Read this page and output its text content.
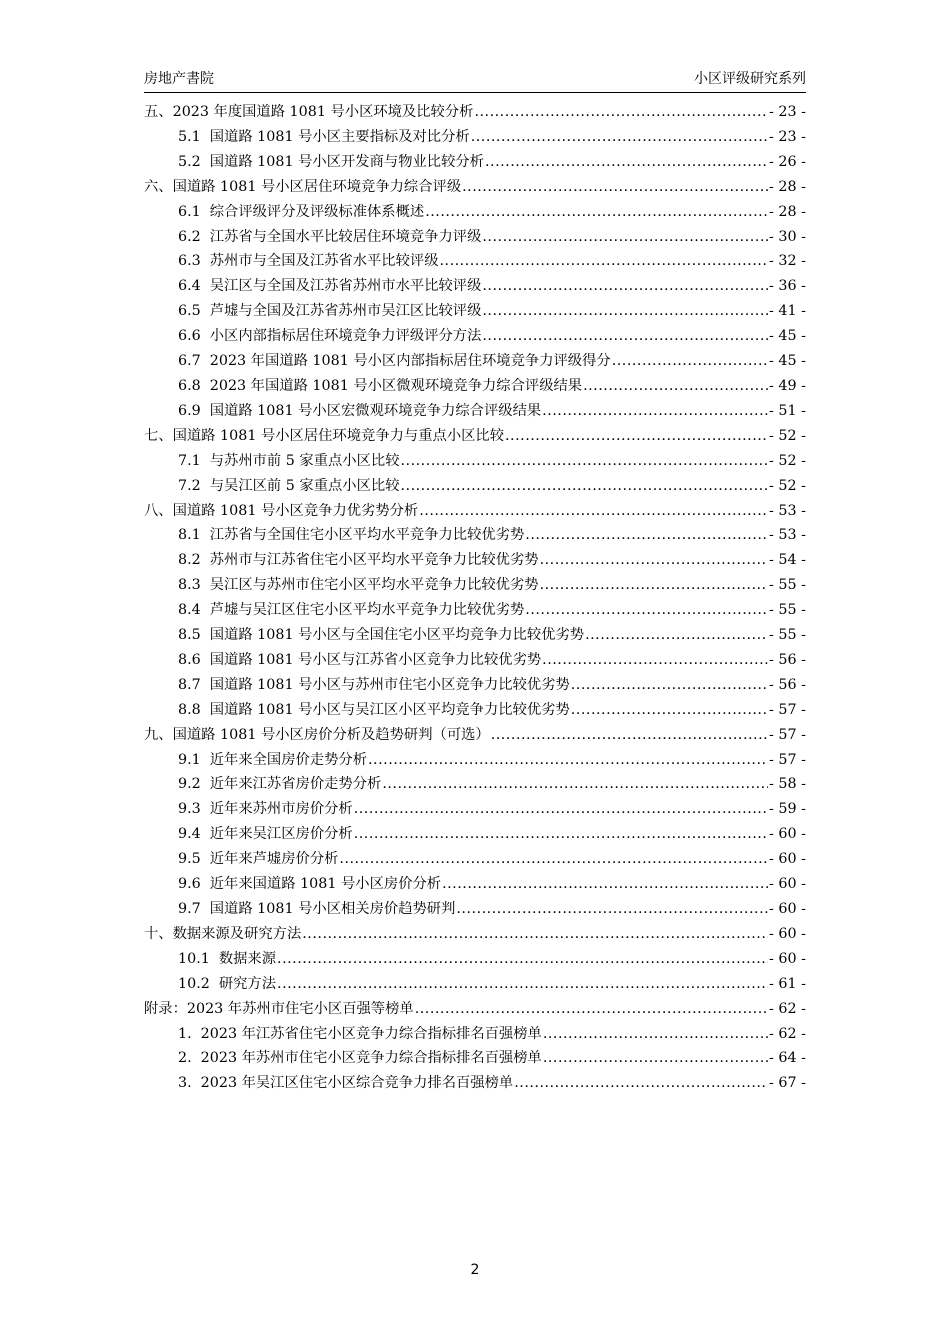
房地产書院	小区评级研究系列
五、2023 年度国道路 1081 号小区环境及比较分析 .....	- 23 -
5.1 国道路 1081 号小区主要指标及对比分析 .....	- 23 -
5.2 国道路 1081 号小区开发商与物业比较分析 .....	- 26 -
六、国道路 1081 号小区居住环境竞争力综合评级 .....	- 28 -
6.1 综合评级评分及评级标准体系概述 .....	- 28 -
6.2 江苏省与全国水平比较居住环境竞争力评级 .....	- 30 -
6.3 苏州市与全国及江苏省水平比较评级 .....	- 32 -
6.4 吴江区与全国及江苏省苏州市水平比较评级 .....	- 36 -
6.5 芦墟与全国及江苏省苏州市吴江区比较评级 .....	- 41 -
6.6 小区内部指标居住环境竞争力评级评分方法 .....	- 45 -
6.7 2023 年国道路 1081 号小区内部指标居住环境竞争力评级得分 .....	- 45 -
6.8 2023 年国道路 1081 号小区微观环境竞争力综合评级结果 .....	- 49 -
6.9 国道路 1081 号小区宏微观环境竞争力综合评级结果 .....	- 51 -
七、国道路 1081 号小区居住环境竞争力与重点小区比较 .....	- 52 -
7.1 与苏州市前 5 家重点小区比较 .....	- 52 -
7.2 与吴江区前 5 家重点小区比较 .....	- 52 -
八、国道路 1081 号小区竞争力优劣势分析 .....	- 53 -
8.1 江苏省与全国住宅小区平均水平竞争力比较优劣势 .....	- 53 -
8.2 苏州市与江苏省住宅小区平均水平竞争力比较优劣势 .....	- 54 -
8.3 吴江区与苏州市住宅小区平均水平竞争力比较优劣势 .....	- 55 -
8.4 芦墟与吴江区住宅小区平均水平竞争力比较优劣势 .....	- 55 -
8.5 国道路 1081 号小区与全国住宅小区平均竞争力比较优劣势 .....	- 55 -
8.6 国道路 1081 号小区与江苏省小区竞争力比较优劣势 .....	- 56 -
8.7 国道路 1081 号小区与苏州市住宅小区竞争力比较优劣势 .....	- 56 -
8.8 国道路 1081 号小区与吴江区小区平均竞争力比较优劣势 .....	- 57 -
九、国道路 1081 号小区房价分析及趋势研判（可选） .....	- 57 -
9.1 近年来全国房价走势分析 .....	- 57 -
9.2 近年来江苏省房价走势分析 .....	- 58 -
9.3 近年来苏州市房价分析 .....	- 59 -
9.4 近年来吴江区房价分析 .....	- 60 -
9.5 近年来芦墟房价分析 .....	- 60 -
9.6 近年来国道路 1081 号小区房价分析 .....	- 60 -
9.7 国道路 1081 号小区相关房价趋势研判 .....	- 60 -
十、数据来源及研究方法 .....	- 60 -
10.1 数据来源 .....	- 60 -
10.2 研究方法 .....	- 61 -
附录：2023 年苏州市住宅小区百强等榜单 .....	- 62 -
1. 2023 年江苏省住宅小区竞争力综合指标排名百强榜单 .....	- 62 -
2. 2023 年苏州市住宅小区竞争力综合指标排名百强榜单 .....	- 64 -
3. 2023 年吴江区住宅小区综合竞争力排名百强榜单 .....	- 67 -
2
